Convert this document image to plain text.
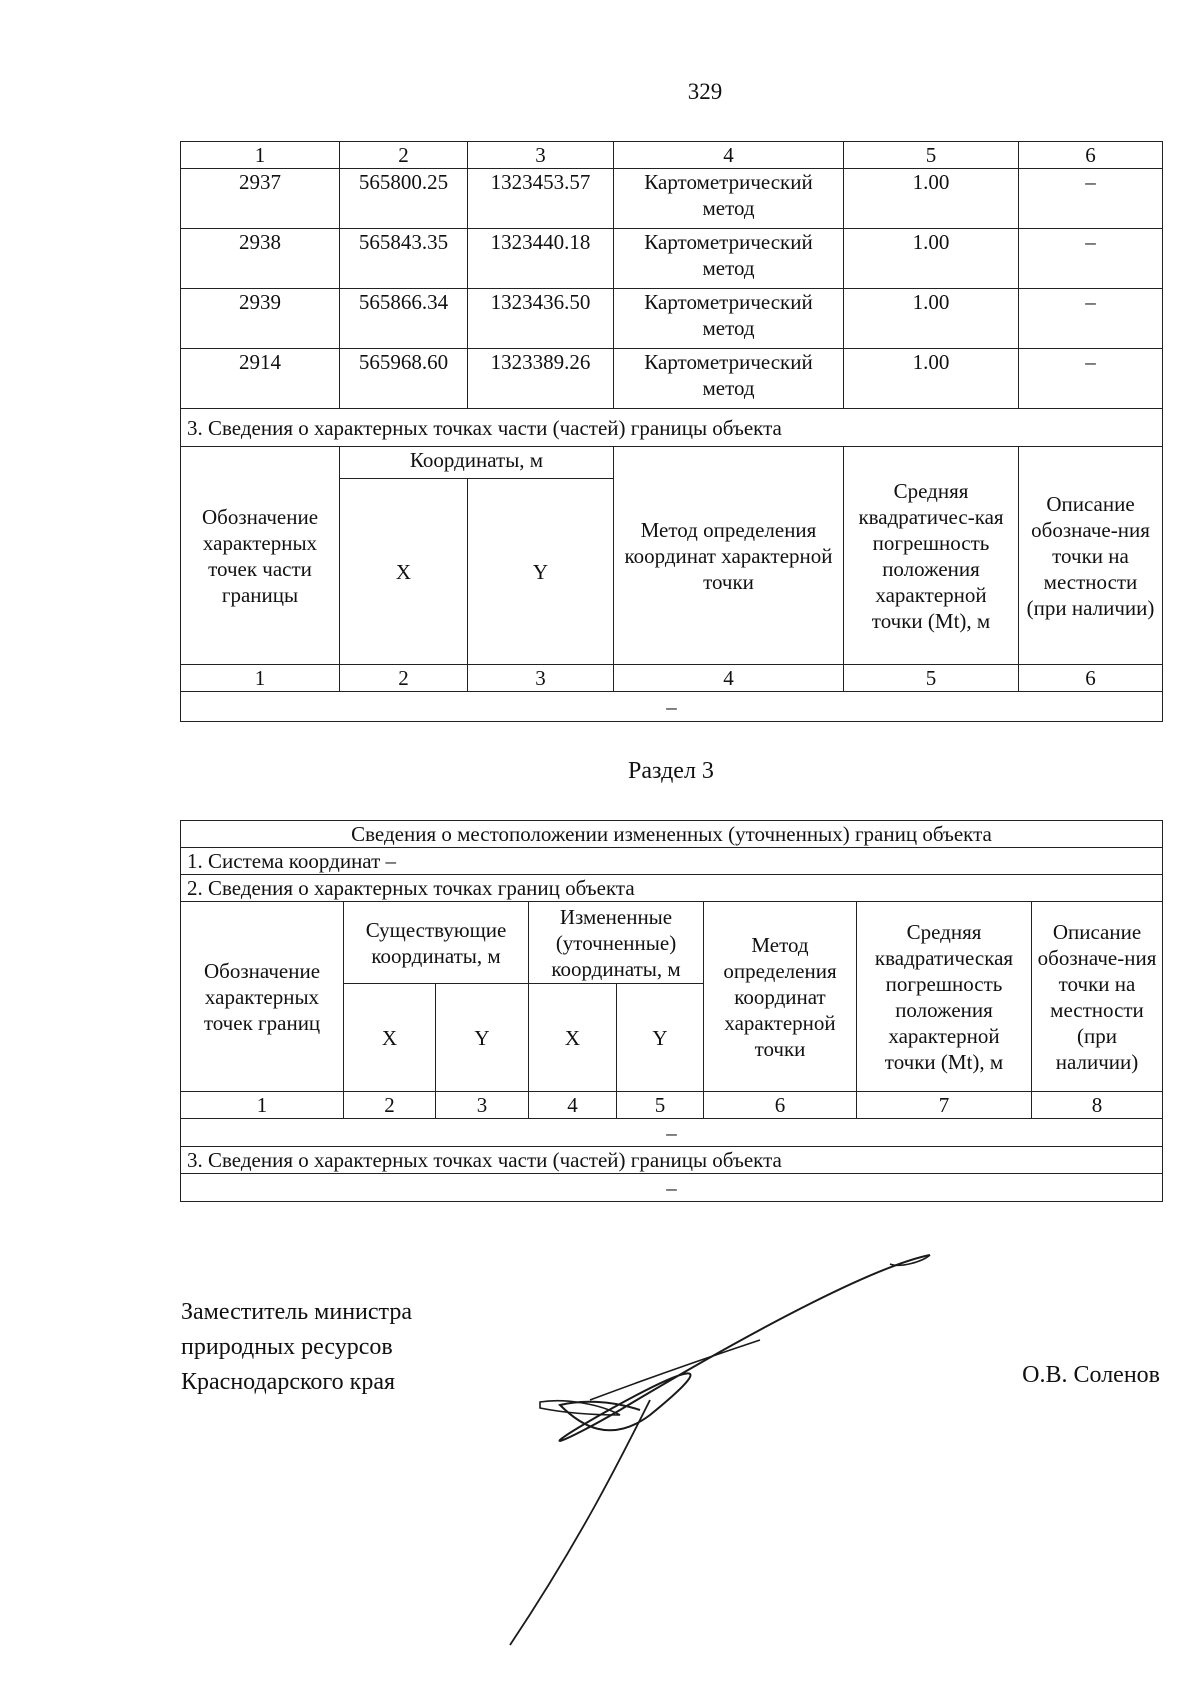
329
1	2	3	4	5	6
2937	565800.25	1323453.57	Картометрический метод	1.00	–
2938	565843.35	1323440.18	Картометрический метод	1.00	–
2939	565866.34	1323436.50	Картометрический метод	1.00	–
2914	565968.60	1323389.26	Картометрический метод	1.00	–
3. Сведения о характерных точках части (частей) границы объекта					
Обозначение характерных точек части границы	Координаты, м		Метод определения координат характерной точки	Средняя квадратичес-кая погрешность положения характерной точки (Mt), м	Описание обозначе-ния точки на местности (при наличии)
	X	Y			
1	2	3	4	5	6
–					
Раздел 3
Сведения о местоположении измененных (уточненных) границ объекта							
1. Система координат –							
2. Сведения о характерных точках границ объекта							
Обозначение характерных точек границ	Существующие координаты, м		Измененные (уточненные) координаты, м		Метод определения координат характерной точки	Средняя квадратическая погрешность положения характерной точки (Mt), м	Описание обозначе-ния точки на местности (при наличии)
	X	Y	X	Y			
1	2	3	4	5	6	7	8
–							
3. Сведения о характерных точках части (частей) границы объекта							
–							
Заместитель министра
природных ресурсов
Краснодарского края	О.В. Соленов
